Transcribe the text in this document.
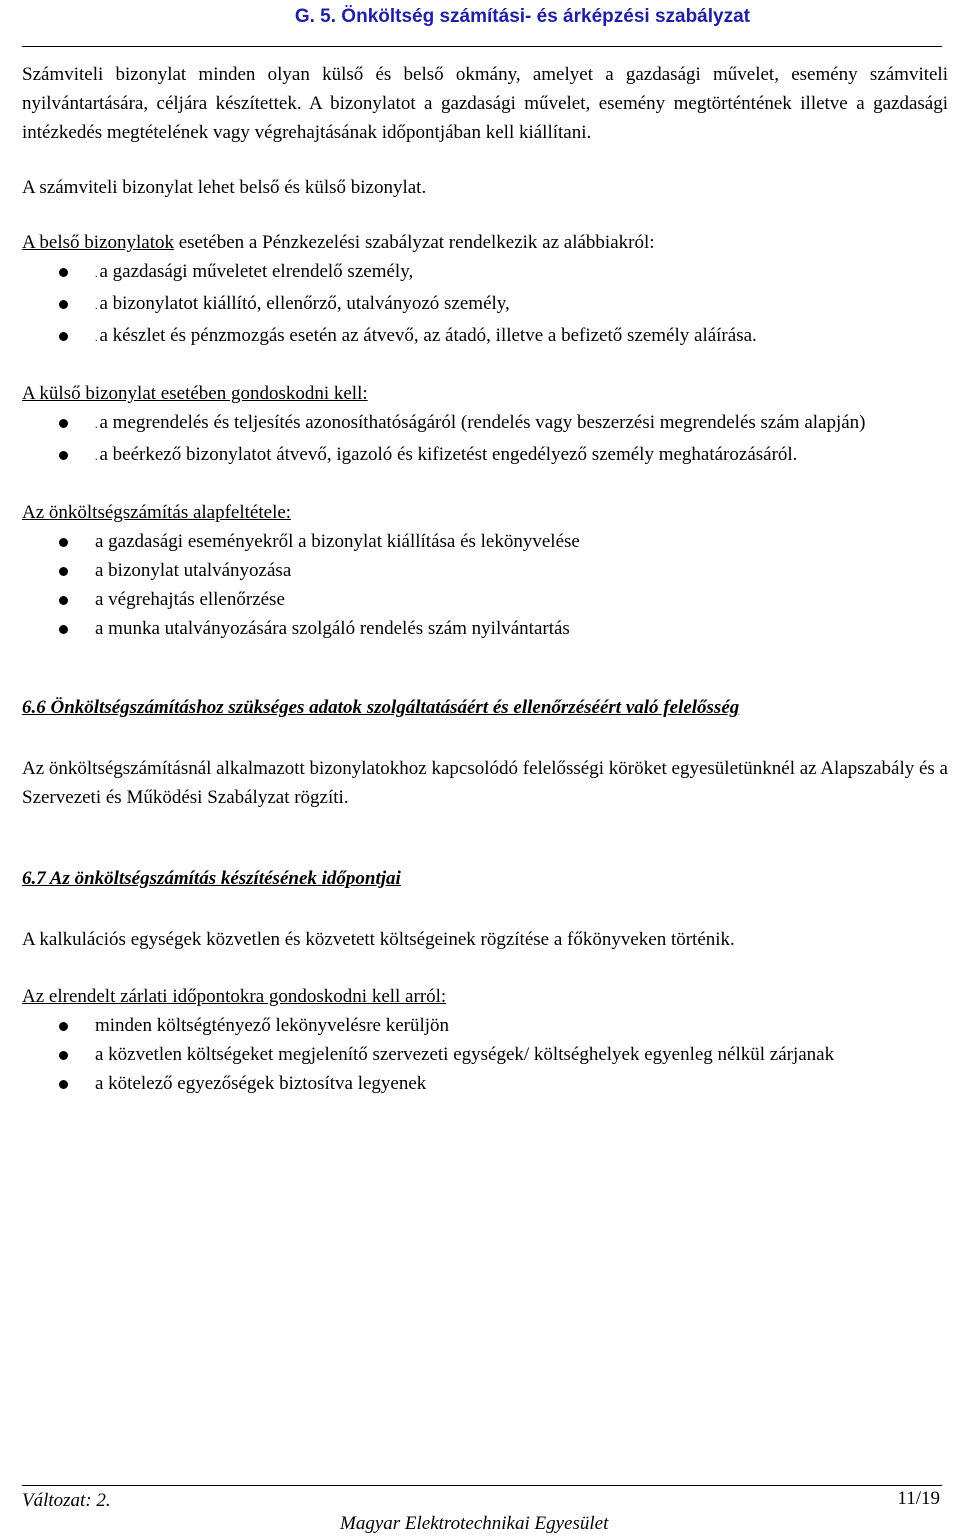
G. 5. Önköltség számítási- és árképzési szabályzat

Számviteli bizonylat minden olyan külső és belső okmány, amelyet a gazdasági művelet, esemény számviteli nyilvántartására, céljára készítettek. A bizonylatot a gazdasági művelet, esemény megtörténtének illetve a gazdasági intézkedés megtételének vagy végrehajtásának időpontjában kell kiállítani.

A számviteli bizonylat lehet belső és külső bizonylat.

A belső bizonylatok esetében a Pénzkezelési szabályzat rendelkezik az alábbiakról:

. a gazdasági műveletet elrendelő személy,
. a bizonylatot kiállító, ellenőrző, utalványozó személy,
. a készlet és pénzmozgás esetén az átvevő, az átadó, illetve a befizető személy aláírása.

A külső bizonylat esetében gondoskodni kell:

. a megrendelés és teljesítés azonosíthatóságáról (rendelés vagy beszerzési megrendelés szám alapján)
. a beérkező bizonylatot átvevő, igazoló és kifizetést engedélyező személy meghatározásáról.

Az önköltségszámítás alapfeltétele:

a gazdasági eseményekről a bizonylat kiállítása és lekönyvelése
a bizonylat utalványozása
a végrehajtás ellenőrzése
a munka utalványozására szolgáló rendelés szám nyilvántartás
6.6 Önköltségszámításhoz szükséges adatok szolgáltatásáért és ellenőrzéséért való felelősség

Az önköltségszámításnál alkalmazott bizonylatokhoz kapcsolódó felelősségi köröket egyesületünknél az Alapszabály és a Szervezeti és Működési Szabályzat rögzíti.

6.7 Az önköltségszámítás készítésének időpontjai

A kalkulációs egységek közvetlen és közvetett költségeinek rögzítése a főkönyveken történik.

Az elrendelt zárlati időpontokra gondoskodni kell arról:

minden költségtényező lekönyvelésre kerüljön
a közvetlen költségeket megjelenítő szervezeti egységek/ költséghelyek egyenleg nélkül zárjanak
a kötelező egyezőségek biztosítva legyenek
Változat: 2.	11/19
Magyar Elektrotechnikai Egyesület
